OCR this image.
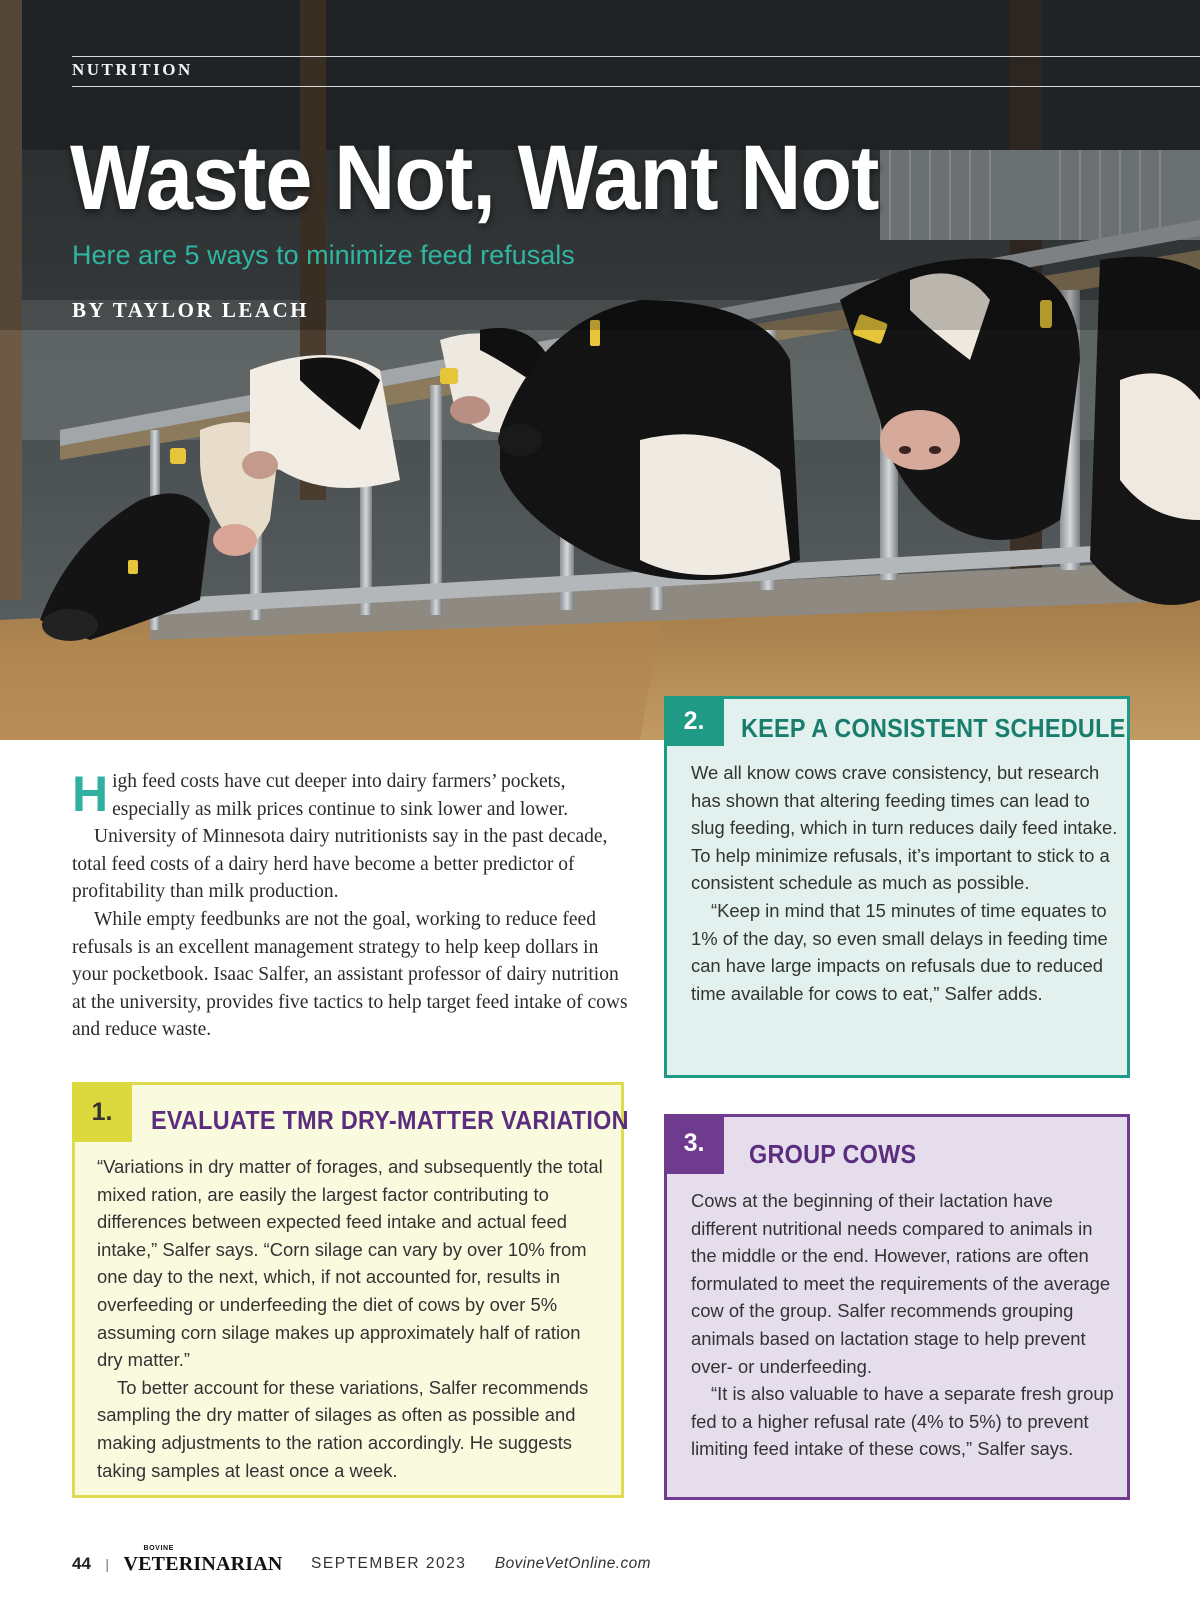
NUTRITION
Waste Not, Want Not
Here are 5 ways to minimize feed refusals
BY TAYLOR LEACH

High feed costs have cut deeper into dairy farmers’ pockets, especially as milk prices continue to sink lower and lower.

University of Minnesota dairy nutritionists say in the past decade, total feed costs of a dairy herd have become a better predictor of profitability than milk production.

While empty feedbunks are not the goal, working to reduce feed refusals is an excellent management strategy to help keep dollars in your pocketbook. Isaac Salfer, an assistant professor of dairy nutrition at the university, provides five tactics to help target feed intake of cows and reduce waste.

2.	KEEP A CONSISTENT SCHEDULE

We all know cows crave consistency, but research has shown that altering feeding times can lead to slug feeding, which in turn reduces daily feed intake. To help minimize refusals, it’s important to stick to a consistent schedule as much as possible.

“Keep in mind that 15 minutes of time equates to 1% of the day, so even small delays in feeding time can have large impacts on refusals due to reduced time available for cows to eat,” Salfer adds.

1.	EVALUATE TMR DRY-MATTER VARIATION

“Variations in dry matter of forages, and subsequently the total mixed ration, are easily the largest factor contributing to differences between expected feed intake and actual feed intake,” Salfer says. “Corn silage can vary by over 10% from one day to the next, which, if not accounted for, results in overfeeding or underfeeding the diet of cows by over 5% assuming corn silage makes up approximately half of ration dry matter.”

To better account for these variations, Salfer recommends sampling the dry matter of silages as often as possible and making adjustments to the ration accordingly. He suggests taking samples at least once a week.

3.	GROUP COWS

Cows at the beginning of their lactation have different nutritional needs compared to animals in the middle or the end. However, rations are often formulated to meet the requirements of the average cow of the group. Salfer recommends grouping animals based on lactation stage to help prevent over- or underfeeding.

“It is also valuable to have a separate fresh group fed to a higher refusal rate (4% to 5%) to prevent limiting feed intake of these cows,” Salfer says.

44 |
BOVINE
VETERINARIAN SEPTEMBER 2023 BovineVetOnline.com
